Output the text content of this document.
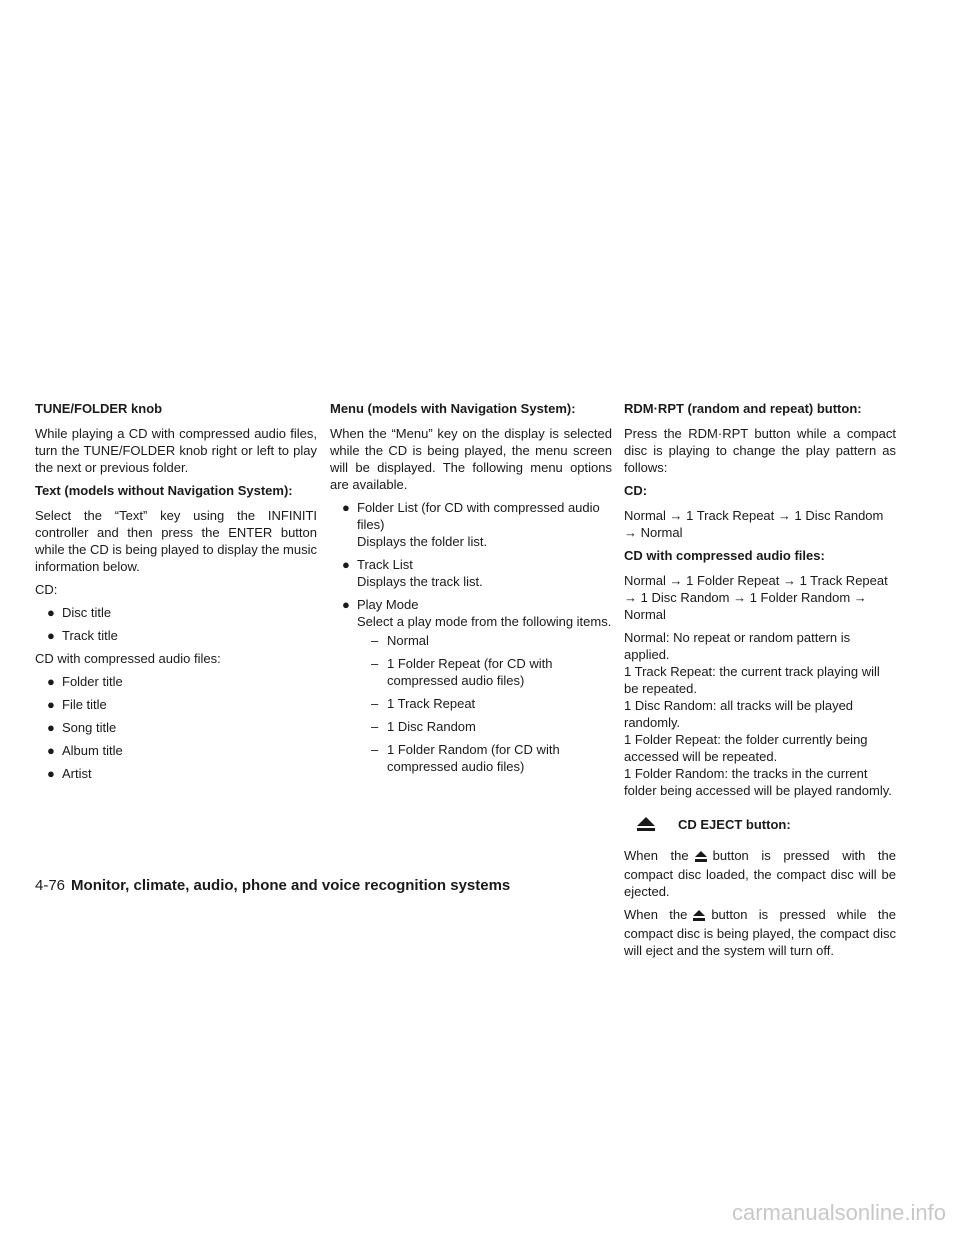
TUNE/FOLDER knob

While playing a CD with compressed audio files, turn the TUNE/FOLDER knob right or left to play the next or previous folder.

Text (models without Navigation System):

Select the “Text” key using the INFINITI controller and then press the ENTER button while the CD is being played to display the music information below.

CD:

● Disc title
● Track title

CD with compressed audio files:

● Folder title
● File title
● Song title
● Album title
● Artist
Menu (models with Navigation System):

When the “Menu” key on the display is selected while the CD is being played, the menu screen will be displayed. The following menu options are available.

● Folder List (for CD with compressed audio files)
Displays the folder list.
● Track List
Displays the track list.
● Play Mode
Select a play mode from the following items.
– Normal
– 1 Folder Repeat (for CD with compressed audio files)
– 1 Track Repeat
– 1 Disc Random
– 1 Folder Random (for CD with compressed audio files)
RDM·RPT (random and repeat) button:

Press the RDM·RPT button while a compact disc is playing to change the play pattern as follows:

CD:

Normal → 1 Track Repeat → 1 Disc Random → Normal

CD with compressed audio files:

Normal → 1 Folder Repeat → 1 Track Repeat → 1 Disc Random → 1 Folder Random → Normal

Normal: No repeat or random pattern is applied.
1 Track Repeat: the current track playing will be repeated.
1 Disc Random: all tracks will be played randomly.
1 Folder Repeat: the folder currently being accessed will be repeated.
1 Folder Random: the tracks in the current folder being accessed will be played randomly.
CD EJECT button:

When the button is pressed with the compact disc loaded, the compact disc will be ejected.

When the button is pressed while the compact disc is being played, the compact disc will eject and the system will turn off.

4-76 Monitor, climate, audio, phone and voice recognition systems
carmanualsonline.info
